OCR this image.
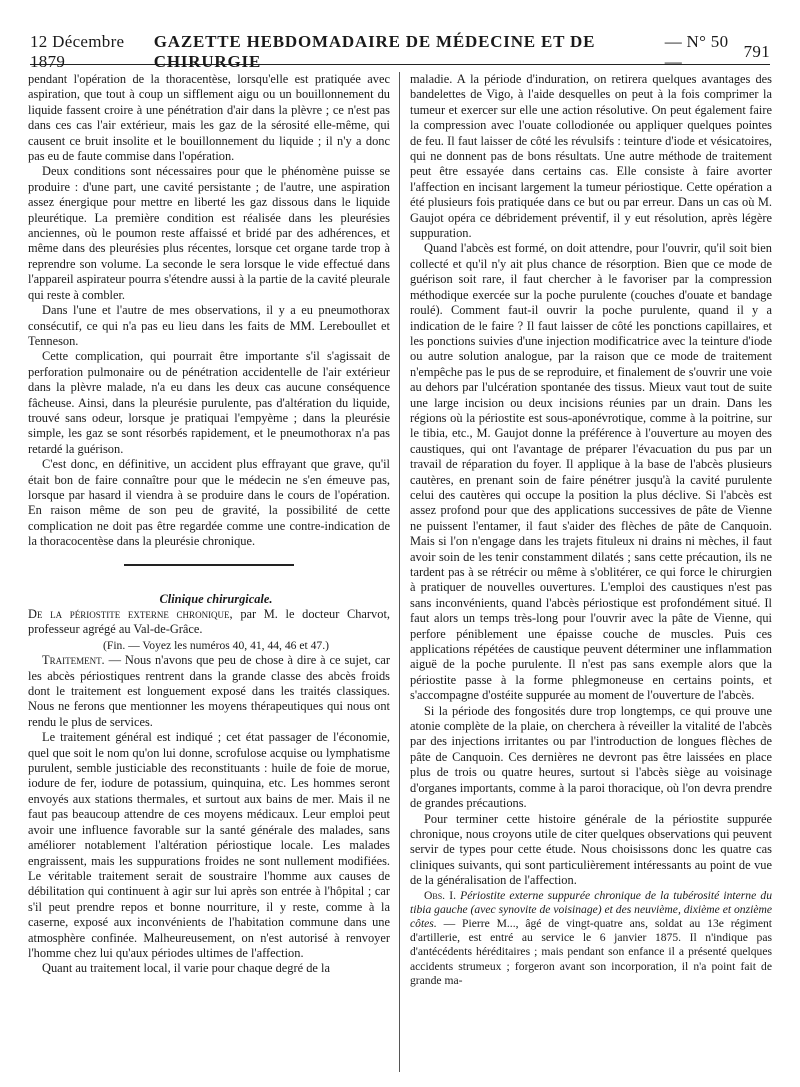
12 Décembre 1879
GAZETTE HEBDOMADAIRE DE MÉDECINE ET DE CHIRURGIE
— N° 50 —
791

pendant l'opération de la thoracentèse, lorsqu'elle est pratiquée avec aspiration, que tout à coup un sifflement aigu ou un bouillonnement du liquide fassent croire à une pénétration d'air dans la plèvre ; ce n'est pas dans ces cas l'air extérieur, mais les gaz de la sérosité elle-même, qui causent ce bruit insolite et le bouillonnement du liquide ; il n'y a donc pas eu de faute commise dans l'opération.

Deux conditions sont nécessaires pour que le phénomène puisse se produire : d'une part, une cavité persistante ; de l'autre, une aspiration assez énergique pour mettre en liberté les gaz dissous dans le liquide pleurétique. La première condition est réalisée dans les pleurésies anciennes, où le poumon reste affaissé et bridé par des adhérences, et même dans des pleurésies plus récentes, lorsque cet organe tarde trop à reprendre son volume. La seconde le sera lorsque le vide effectué dans l'appareil aspirateur pourra s'étendre aussi à la partie de la cavité pleurale qui reste à combler.

Dans l'une et l'autre de mes observations, il y a eu pneumothorax consécutif, ce qui n'a pas eu lieu dans les faits de MM. Lereboullet et Tenneson.

Cette complication, qui pourrait être importante s'il s'agissait de perforation pulmonaire ou de pénétration accidentelle de l'air extérieur dans la plèvre malade, n'a eu dans les deux cas aucune conséquence fâcheuse. Ainsi, dans la pleurésie purulente, pas d'altération du liquide, trouvé sans odeur, lorsque je pratiquai l'empyème ; dans la pleurésie simple, les gaz se sont résorbés rapidement, et le pneumothorax n'a pas retardé la guérison.

C'est donc, en définitive, un accident plus effrayant que grave, qu'il était bon de faire connaître pour que le médecin ne s'en émeuve pas, lorsque par hasard il viendra à se produire dans le cours de l'opération. En raison même de son peu de gravité, la possibilité de cette complication ne doit pas être regardée comme une contre-indication de la thoracocentèse dans la pleurésie chronique.

Clinique chirurgicale.

De la périostite externe chronique, par M. le docteur Charvot, professeur agrégé au Val-de-Grâce.

(Fin. — Voyez les numéros 40, 41, 44, 46 et 47.)

Traitement. — Nous n'avons que peu de chose à dire à ce sujet, car les abcès périostiques rentrent dans la grande classe des abcès froids dont le traitement est longuement exposé dans les traités classiques. Nous ne ferons que mentionner les moyens thérapeutiques qui nous ont rendu le plus de services.

Le traitement général est indiqué ; cet état passager de l'économie, quel que soit le nom qu'on lui donne, scrofulose acquise ou lymphatisme purulent, semble justiciable des reconstituants : huile de foie de morue, iodure de fer, iodure de potassium, quinquina, etc. Les hommes seront envoyés aux stations thermales, et surtout aux bains de mer. Mais il ne faut pas beaucoup attendre de ces moyens médicaux. Leur emploi peut avoir une influence favorable sur la santé générale des malades, sans améliorer notablement l'altération périostique locale. Les malades engraissent, mais les suppurations froides ne sont nullement modifiées. Le véritable traitement serait de soustraire l'homme aux causes de débilitation qui continuent à agir sur lui après son entrée à l'hôpital ; car s'il peut prendre repos et bonne nourriture, il y reste, comme à la caserne, exposé aux inconvénients de l'habitation commune dans une atmosphère confinée. Malheureusement, on n'est autorisé à renvoyer l'homme chez lui qu'aux périodes ultimes de l'affection.

Quant au traitement local, il varie pour chaque degré de la

maladie. A la période d'induration, on retirera quelques avantages des bandelettes de Vigo, à l'aide desquelles on peut à la fois comprimer la tumeur et exercer sur elle une action résolutive. On peut également faire la compression avec l'ouate collodionée ou appliquer quelques pointes de feu. Il faut laisser de côté les révulsifs : teinture d'iode et vésicatoires, qui ne donnent pas de bons résultats. Une autre méthode de traitement peut être essayée dans certains cas. Elle consiste à faire avorter l'affection en incisant largement la tumeur périostique. Cette opération a été plusieurs fois pratiquée dans ce but ou par erreur. Dans un cas où M. Gaujot opéra ce débridement préventif, il y eut résolution, après légère suppuration.

Quand l'abcès est formé, on doit attendre, pour l'ouvrir, qu'il soit bien collecté et qu'il n'y ait plus chance de résorption. Bien que ce mode de guérison soit rare, il faut chercher à le favoriser par la compression méthodique exercée sur la poche purulente (couches d'ouate et bandage roulé). Comment faut-il ouvrir la poche purulente, quand il y a indication de le faire ? Il faut laisser de côté les ponctions capillaires, et les ponctions suivies d'une injection modificatrice avec la teinture d'iode ou autre solution analogue, par la raison que ce mode de traitement n'empêche pas le pus de se reproduire, et finalement de s'ouvrir une voie au dehors par l'ulcération spontanée des tissus. Mieux vaut tout de suite une large incision ou deux incisions réunies par un drain. Dans les régions où la périostite est sous-aponévrotique, comme à la poitrine, sur le tibia, etc., M. Gaujot donne la préférence à l'ouverture au moyen des caustiques, qui ont l'avantage de préparer l'évacuation du pus par un travail de réparation du foyer. Il applique à la base de l'abcès plusieurs cautères, en prenant soin de faire pénétrer jusqu'à la cavité purulente celui des cautères qui occupe la position la plus déclive. Si l'abcès est assez profond pour que des applications successives de pâte de Vienne ne puissent l'entamer, il faut s'aider des flèches de pâte de Canquoin. Mais si l'on n'engage dans les trajets fituleux ni drains ni mèches, il faut avoir soin de les tenir constamment dilatés ; sans cette précaution, ils ne tardent pas à se rétrécir ou même à s'oblitérer, ce qui force le chirurgien à pratiquer de nouvelles ouvertures. L'emploi des caustiques n'est pas sans inconvénients, quand l'abcès périostique est profondément situé. Il faut alors un temps très-long pour l'ouvrir avec la pâte de Vienne, qui perfore péniblement une épaisse couche de muscles. Puis ces applications répétées de caustique peuvent déterminer une inflammation aiguë de la poche purulente. Il n'est pas sans exemple alors que la périostite passe à la forme phlegmoneuse en certains points, et s'accompagne d'ostéite suppurée au moment de l'ouverture de l'abcès.

Si la période des fongosités dure trop longtemps, ce qui prouve une atonie complète de la plaie, on cherchera à réveiller la vitalité de l'abcès par des injections irritantes ou par l'introduction de longues flèches de pâte de Canquoin. Ces dernières ne devront pas être laissées en place plus de trois ou quatre heures, surtout si l'abcès siège au voisinage d'organes importants, comme à la paroi thoracique, où l'on devra prendre de grandes précautions.

Pour terminer cette histoire générale de la périostite suppurée chronique, nous croyons utile de citer quelques observations qui peuvent servir de types pour cette étude. Nous choisissons donc les quatre cas cliniques suivants, qui sont particulièrement intéressants au point de vue de la généralisation de l'affection.

Obs. I. Périostite externe suppurée chronique de la tubérosité interne du tibia gauche (avec synovite de voisinage) et des neuvième, dixième et onzième côtes. — Pierre M..., âgé de vingt-quatre ans, soldat au 13e régiment d'artillerie, est entré au service le 6 janvier 1875. Il n'indique pas d'antécédents héréditaires ; mais pendant son enfance il a présenté quelques accidents strumeux ; forgeron avant son incorporation, il n'a point fait de grande ma-
